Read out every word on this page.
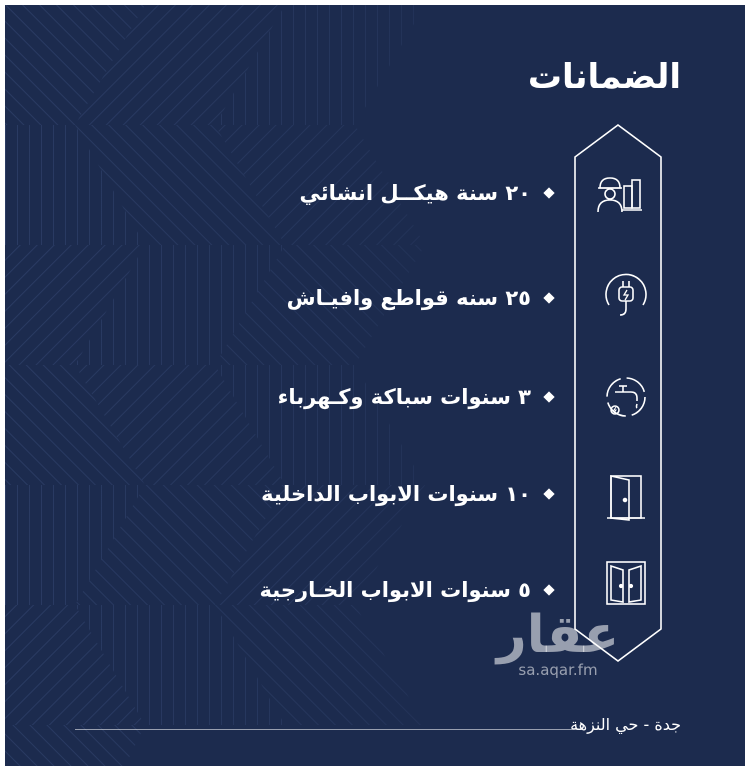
الضمانات
٢٠ سنة هيكــل انشائي
٢٥ سنه قواطع وافيـاش
٣ سنوات سباكة وكـهرباء
١٠ سنوات الابواب الداخلية
٥ سنوات الابواب الخـارجية
عقار
sa.aqar.fm
جدة - حي النزهة
